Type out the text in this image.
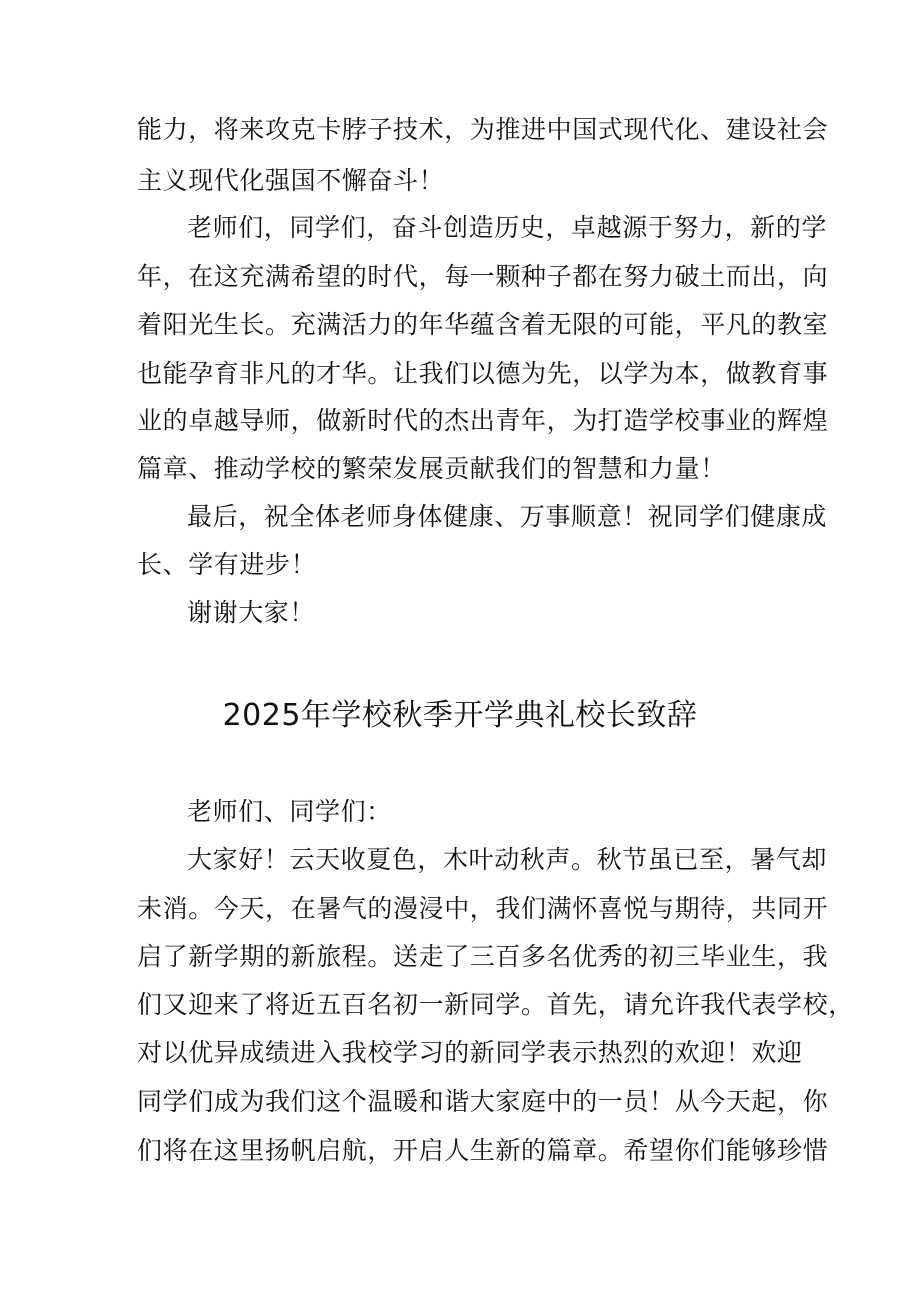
能力，将来攻克卡脖子技术，为推进中国式现代化、建设社会
主义现代化强国不懈奋斗！
老师们，同学们，奋斗创造历史，卓越源于努力，新的学
年，在这充满希望的时代，每一颗种子都在努力破土而出，向
着阳光生长。充满活力的年华蕴含着无限的可能，平凡的教室
也能孕育非凡的才华。让我们以德为先，以学为本，做教育事
业的卓越导师，做新时代的杰出青年，为打造学校事业的辉煌
篇章、推动学校的繁荣发展贡献我们的智慧和力量！
最后，祝全体老师身体健康、万事顺意！祝同学们健康成
长、学有进步！
谢谢大家！
2025年学校秋季开学典礼校长致辞
老师们、同学们：
大家好！云天收夏色，木叶动秋声。秋节虽已至，暑气却
未消。今天，在暑气的漫浸中，我们满怀喜悦与期待，共同开
启了新学期的新旅程。送走了三百多名优秀的初三毕业生，我
们又迎来了将近五百名初一新同学。首先，请允许我代表学校，
对以优异成绩进入我校学习的新同学表示热烈的欢迎！欢迎
同学们成为我们这个温暖和谐大家庭中的一员！从今天起，你
们将在这里扬帆启航，开启人生新的篇章。希望你们能够珍惜
